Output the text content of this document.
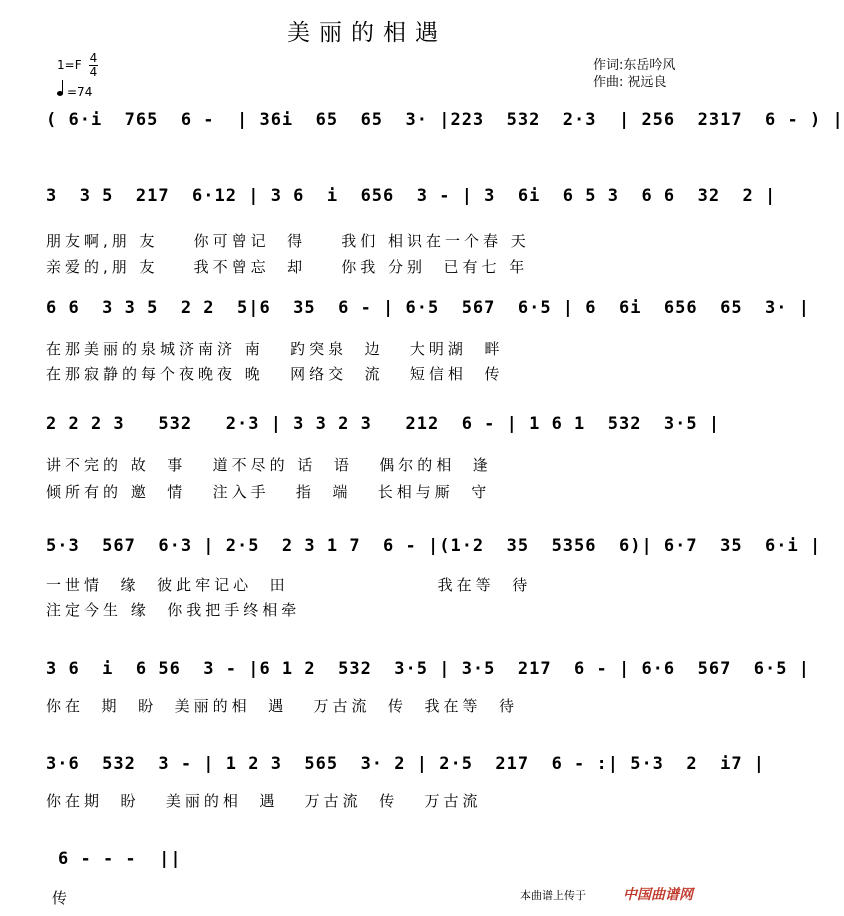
美丽的相遇
作词:东岳吟风
作曲: 祝远良
1=F 4
4
=74
( 6·i  765  6 -  | 36i  65  65  3· |223  532  2·3  | 256  2317  6 - ) |
3  3 5  217  6·12 | 3 6  i  656  3 - | 3  6i  6 5 3  6 6  32  2 |
朋友啊,朋 友    你可曾记  得    我们 相识在一个春 天
亲爱的,朋 友    我不曾忘  却    你我 分别  已有七 年
6 6  3 3 5  2 2  5|6  35  6 - | 6·5  567  6·5 | 6  6i  656  65  3· |
在那美丽的泉城济南济 南   趵突泉  边   大明湖  畔
在那寂静的每个夜晚夜 晚   网络交  流   短信相  传
2 2 2 3   532   2·3 | 3 3 2 3   212  6 - | 1 6 1  532  3·5 |
讲不完的 故  事   道不尽的 话  语   偶尔的相  逢
倾所有的 邀  情   注入手   指  端   长相与厮  守
5·3  567  6·3 | 2·5  2 3 1 7  6 - |(1·2  35  5356  6)| 6·7  35  6·i |
一世情  缘  彼此牢记心  田                 我在等  待
注定今生 缘  你我把手终相牵
3 6  i  6 56  3 - |6 1 2  532  3·5 | 3·5  217  6 - | 6·6  567  6·5 |
你在  期  盼  美丽的相  遇   万古流  传  我在等  待
3·6  532  3 - | 1 2 3  565  3· 2 | 2·5  217  6 - :| 5·3  2  i7 |
你在期  盼   美丽的相  遇   万古流  传   万古流
6 - - -  ||
传	本曲谱上传于	中国曲谱网
